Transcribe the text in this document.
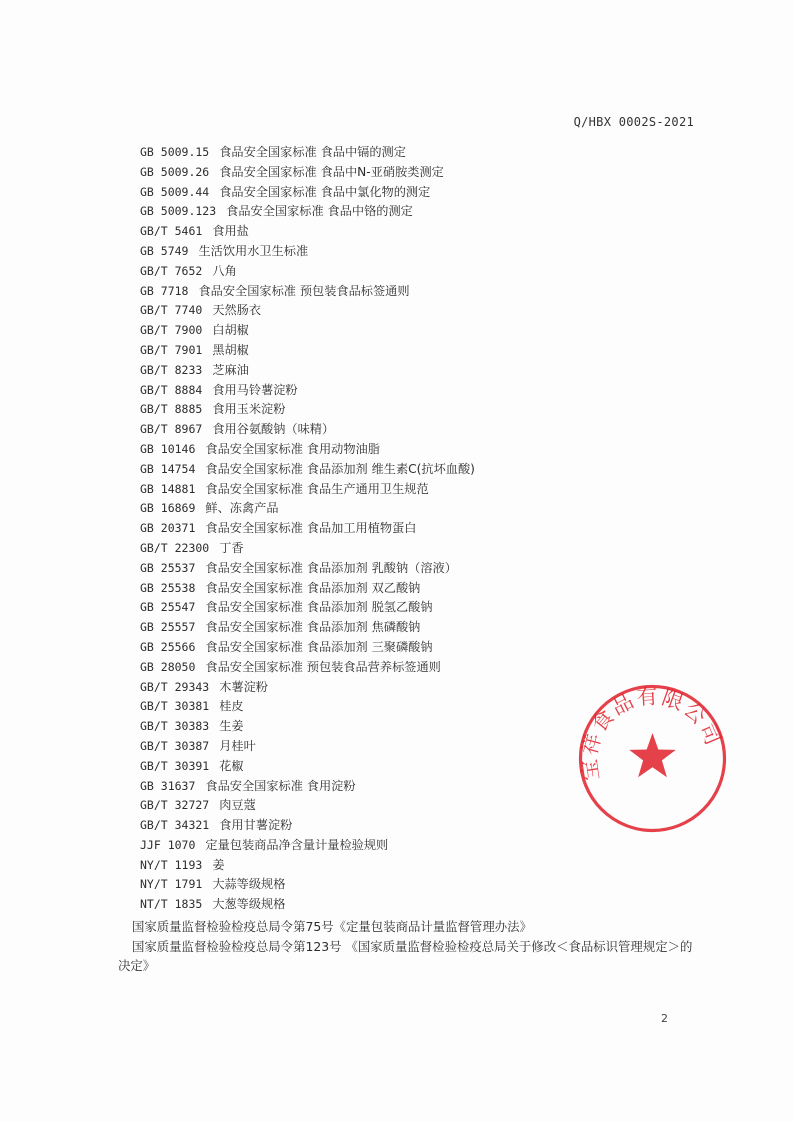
Q/HBX 0002S-2021
GB 5009.15 食品安全国家标准 食品中镉的测定
GB 5009.26 食品安全国家标准 食品中N-亚硝胺类测定
GB 5009.44 食品安全国家标准 食品中氯化物的测定
GB 5009.123 食品安全国家标准 食品中铬的测定
GB/T 5461 食用盐
GB 5749 生活饮用水卫生标准
GB/T 7652 八角
GB 7718 食品安全国家标准 预包装食品标签通则
GB/T 7740 天然肠衣
GB/T 7900 白胡椒
GB/T 7901 黑胡椒
GB/T 8233 芝麻油
GB/T 8884 食用马铃薯淀粉
GB/T 8885 食用玉米淀粉
GB/T 8967 食用谷氨酸钠（味精）
GB 10146 食品安全国家标准 食用动物油脂
GB 14754 食品安全国家标准 食品添加剂 维生素C(抗坏血酸)
GB 14881 食品安全国家标准 食品生产通用卫生规范
GB 16869 鲜、冻禽产品
GB 20371 食品安全国家标准 食品加工用植物蛋白
GB/T 22300 丁香
GB 25537 食品安全国家标准 食品添加剂 乳酸钠（溶液）
GB 25538 食品安全国家标准 食品添加剂 双乙酸钠
GB 25547 食品安全国家标准 食品添加剂 脱氢乙酸钠
GB 25557 食品安全国家标准 食品添加剂 焦磷酸钠
GB 25566 食品安全国家标准 食品添加剂 三聚磷酸钠
GB 28050 食品安全国家标准 预包装食品营养标签通则
GB/T 29343 木薯淀粉
GB/T 30381 桂皮
GB/T 30383 生姜
GB/T 30387 月桂叶
GB/T 30391 花椒
GB 31637 食品安全国家标准 食用淀粉
GB/T 32727 肉豆蔻
GB/T 34321 食用甘薯淀粉
JJF 1070 定量包装商品净含量计量检验规则
NY/T 1193 姜
NY/T 1791 大蒜等级规格
NT/T 1835 大葱等级规格

国家质量监督检验检疫总局令第75号《定量包装商品计量监督管理办法》

国家质量监督检验检疫总局令第123号 《国家质量监督检验检疫总局关于修改＜食品标识管理规定＞的决定》

宝祥食品有限公司
2
